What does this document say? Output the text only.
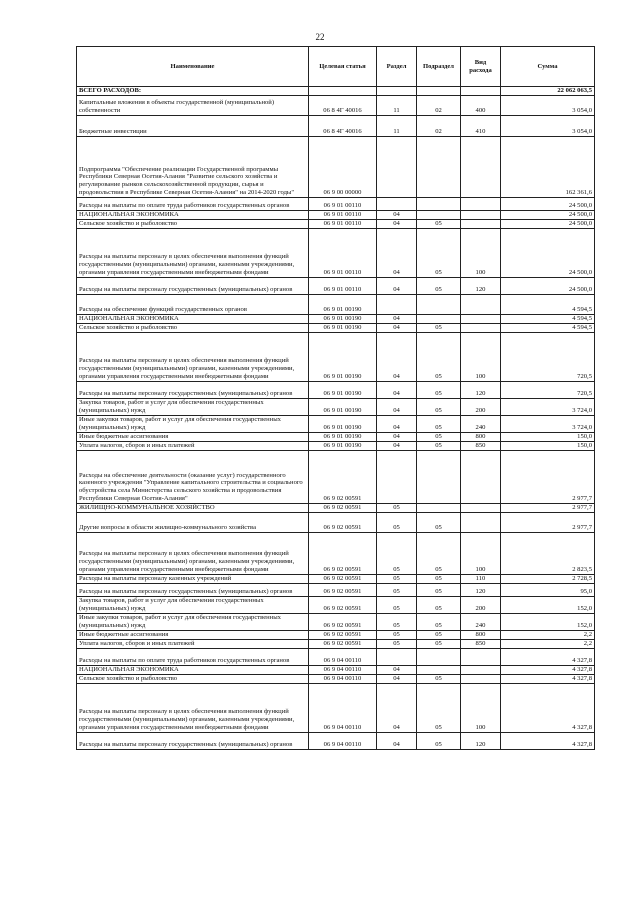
22
Наименование	Целевая статья	Раздел	Подраздел	Вид расхода	Сумма
ВСЕГО РАСХОДОВ:					22 062 063,5
Капитальные вложения в объекты государственной (муниципальной) собственности	06 8 4Г 40016	11	02	400	3 054,0
Бюджетные инвестиции	06 8 4Г 40016	11	02	410	3 054,0
Подпрограмма "Обеспечение реализации Государственной программы Республики Северная Осетия-Алания "Развитие сельского хозяйства и регулирование рынков сельскохозяйственной продукции, сырья и продовольствия в Республике Северная Осетия-Алания" на 2014-2020 годы"	06 9 00 00000				162 361,6
Расходы на выплаты по оплате труда работников государственных органов	06 9 01 00110				24 500,0
НАЦИОНАЛЬНАЯ ЭКОНОМИКА	06 9 01 00110	04			24 500,0
Сельское хозяйство и рыболовство	06 9 01 00110	04	05		24 500,0
Расходы на выплаты персоналу в целях обеспечения выполнения функций государственными (муниципальными) органами, казенными учреждениями, органами управления государственными внебюджетными фондами	06 9 01 00110	04	05	100	24 500,0
Расходы на выплаты персоналу государственных (муниципальных) органов	06 9 01 00110	04	05	120	24 500,0
Расходы на обеспечение функций государственных органов	06 9 01 00190				4 594,5
НАЦИОНАЛЬНАЯ ЭКОНОМИКА	06 9 01 00190	04			4 594,5
Сельское хозяйство и рыболовство	06 9 01 00190	04	05		4 594,5
Расходы на выплаты персоналу в целях обеспечения выполнения функций государственными (муниципальными) органами, казенными учреждениями, органами управления государственными внебюджетными фондами	06 9 01 00190	04	05	100	720,5
Расходы на выплаты персоналу государственных (муниципальных) органов	06 9 01 00190	04	05	120	720,5
Закупка товаров, работ и услуг для обеспечения государственных (муниципальных) нужд	06 9 01 00190	04	05	200	3 724,0
Иные закупки товаров, работ и услуг для обеспечения государственных (муниципальных) нужд	06 9 01 00190	04	05	240	3 724,0
Иные бюджетные ассигнования	06 9 01 00190	04	05	800	150,0
Уплата налогов, сборов и иных платежей	06 9 01 00190	04	05	850	150,0
Расходы на обеспечение деятельности (оказание услуг) государственного казенного учреждения "Управление капитального строительства и социального обустройства села Министерства сельского хозяйства и продовольствия Республики Северная Осетия-Алания"	06 9 02 00591				2 977,7
ЖИЛИЩНО-КОММУНАЛЬНОЕ ХОЗЯЙСТВО	06 9 02 00591	05			2 977,7
Другие вопросы в области жилищно-коммунального хозяйства	06 9 02 00591	05	05		2 977,7
Расходы на выплаты персоналу в целях обеспечения выполнения функций государственными (муниципальными) органами, казенными учреждениями, органами управления государственными внебюджетными фондами	06 9 02 00591	05	05	100	2 823,5
Расходы на выплаты персоналу казенных учреждений	06 9 02 00591	05	05	110	2 728,5
Расходы на выплаты персоналу государственных (муниципальных) органов	06 9 02 00591	05	05	120	95,0
Закупка товаров, работ и услуг для обеспечения государственных (муниципальных) нужд	06 9 02 00591	05	05	200	152,0
Иные закупки товаров, работ и услуг для обеспечения государственных (муниципальных) нужд	06 9 02 00591	05	05	240	152,0
Иные бюджетные ассигнования	06 9 02 00591	05	05	800	2,2
Уплата налогов, сборов и иных платежей	06 9 02 00591	05	05	850	2,2
Расходы на выплаты по оплате труда работников государственных органов	06 9 04 00110				4 327,8
НАЦИОНАЛЬНАЯ ЭКОНОМИКА	06 9 04 00110	04			4 327,8
Сельское хозяйство и рыболовство	06 9 04 00110	04	05		4 327,8
Расходы на выплаты персоналу в целях обеспечения выполнения функций государственными (муниципальными) органами, казенными учреждениями, органами управления государственными внебюджетными фондами	06 9 04 00110	04	05	100	4 327,8
Расходы на выплаты персоналу государственных (муниципальных) органов	06 9 04 00110	04	05	120	4 327,8
